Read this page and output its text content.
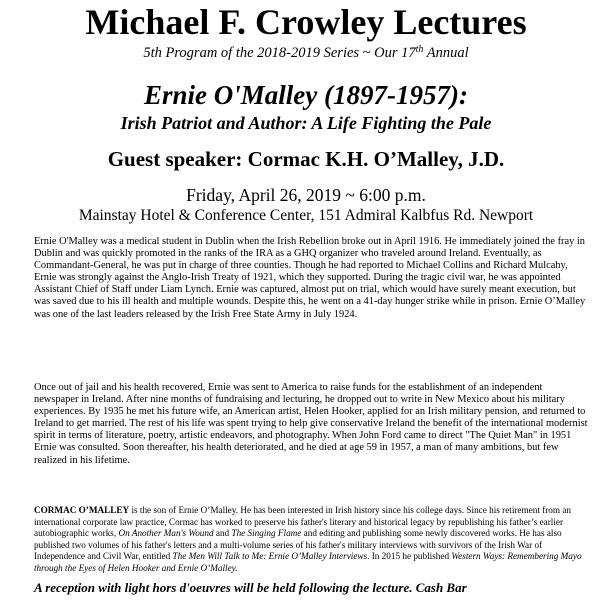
Michael F. Crowley Lectures
5th Program of the 2018-2019 Series ~ Our 17th Annual
Ernie O'Malley (1897-1957):
Irish Patriot and Author: A Life Fighting the Pale
Guest speaker: Cormac K.H. O’Malley, J.D.
Friday, April 26, 2019 ~ 6:00 p.m.
Mainstay Hotel & Conference Center, 151 Admiral Kalbfus Rd. Newport

Ernie O'Malley was a medical student in Dublin when the Irish Rebellion broke out in April 1916. He immediately joined the fray in Dublin and was quickly promoted in the ranks of the IRA as a GHQ organizer who traveled around Ireland. Eventually, as Commandant-General, he was put in charge of three counties. Though he had reported to Michael Collins and Richard Mulcahy, Ernie was strongly against the Anglo-Irish Treaty of 1921, which they supported. During the tragic civil war, he was appointed Assistant Chief of Staff under Liam Lynch. Ernie was captured, almost put on trial, which would have surely meant execution, but was saved due to his ill health and multiple wounds. Despite this, he went on a 41-day hunger strike while in prison. Ernie O’Malley was one of the last leaders released by the Irish Free State Army in July 1924.

Once out of jail and his health recovered, Ernie was sent to America to raise funds for the establishment of an independent newspaper in Ireland. After nine months of fundraising and lecturing, he dropped out to write in New Mexico about his military experiences. By 1935 he met his future wife, an American artist, Helen Hooker, applied for an Irish military pension, and returned to Ireland to get married. The rest of his life was spent trying to help give conservative Ireland the benefit of the international modernist spirit in terms of literature, poetry, artistic endeavors, and photography. When John Ford came to direct "The Quiet Man" in 1951 Ernie was consulted. Soon thereafter, his health deteriorated, and he died at age 59 in 1957, a man of many ambitions, but few realized in his lifetime.

CORMAC O’MALLEY is the son of Ernie O’Malley. He has been interested in Irish history since his college days. Since his retirement from an international corporate law practice, Cormac has worked to preserve his father's literary and historical legacy by republishing his father’s earlier autobiographic works, On Another Man's Wound and The Singing Flame and editing and publishing some newly discovered works. He has also published two volumes of his father's letters and a multi-volume series of his father's military interviews with survivors of the Irish War of Independence and Civil War, entitled The Men Will Talk to Me: Ernie O’Malley Interviews. In 2015 he published Western Ways: Remembering Mayo through the Eyes of Helen Hooker and Ernie O’Malley.

A reception with light hors d'oeuvres will be held following the lecture. Cash Bar
